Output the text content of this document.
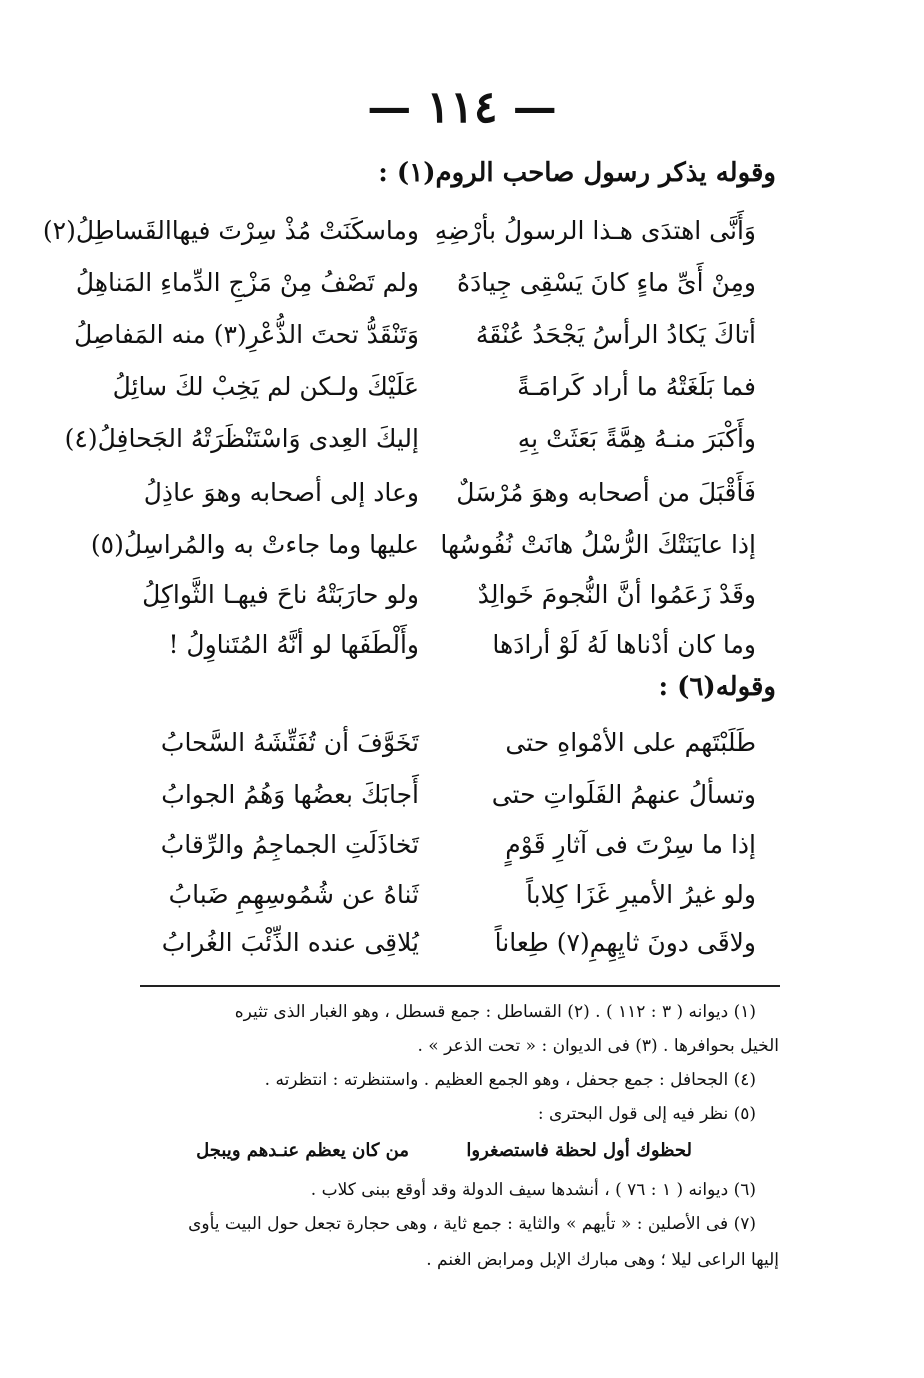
— ١١٤ —
وقوله يذكر رسول صاحب الروم(١) :
وَأَنَّى اهتدَى هـذا الرسولُ بأرْضِهِ
وماسكَنَتْ مُذْ سِرْتَ فيهاالقَساطِلُ(٢)
ومِنْ أَىِّ ماءٍ كانَ يَسْقِى جِيادَهُ
ولم تَصْفُ مِنْ مَزْجِ الدِّماءِ المَناهِلُ
أتاكَ يَكادُ الرأسُ يَجْحَدُ عُنْقَهُ
وَتَنْقَدُّ تحتَ الذُّعْرِ(٣) منه المَفاصِلُ
فما بَلَغَتْهُ ما أراد كَرامَـةً
عَلَيْكَ ولـكن لم يَخِبْ لكَ سائِلُ
وأَكْبَرَ منـهُ هِمَّةً بَعَثَتْ بِهِ
إليكَ العِدى وَاسْتَنْظَرَتْهُ الجَحافِلُ(٤)
فَأَقْبَلَ من أصحابه وهوَ مُرْسَلٌ
وعاد إلى أصحابه وهوَ عاذِلُ
إذا عايَنَتْكَ الرُّسْلُ هانَتْ نُفُوسُها
عليها وما جاءتْ به والمُراسِلُ(٥)
وقَدْ زَعَمُوا أنَّ النُّجومَ خَوالِدٌ
ولو حارَبَتْهُ ناحَ فيهـا الثَّواكِلُ
وما كان أدْناها لَهُ لَوْ أرادَها
وأَلْطَفَها لو أنَّهُ المُتَناوِلُ !
وقوله(٦) :
طَلَبْتَهم على الأمْواهِ حتى
تَخَوَّفَ أن تُفَتِّشَهُ السَّحابُ
وتسألُ عنهمُ الفَلَواتِ حتى
أَجابَكَ بعضُها وَهُمُ الجوابُ
إذا ما سِرْتَ فى آثارِ قَوْمٍ
تَخاذَلَتِ الجماجِمُ والرِّقابُ
ولو غيرُ الأميرِ غَزَا كِلاباً
ثَناهُ عن شُمُوسِهِمِ ضَبابُ
ولاقَى دونَ ثايِهِمِ(٧) طِعاناً
يُلاقِى عنده الذِّئْبَ الغُرابُ
(١) ديوانه ( ٣ : ١١٢ ) . (٢) القساطل : جمع قسطل ، وهو الغبار الذى تثيره
الخيل بحوافرها . (٣) فى الديوان : « تحت الذعر » .
(٤) الجحافل : جمع جحفل ، وهو الجمع العظيم . واستنظرته : انتظرته .
(٥) نظر فيه إلى قول البحترى :
لحظوك أول لحظة فاستصغروا
من كان يعظم عنـدهم ويبجل
(٦) ديوانه ( ١ : ٧٦ ) ، أنشدها سيف الدولة وقد أوقع ببنى كلاب .
(٧) فى الأصلين : « تأيهم » والثاية : جمع ثاية ، وهى حجارة تجعل حول البيت يأوى
إليها الراعى ليلا ؛ وهى مبارك الإبل ومرابض الغنم .
